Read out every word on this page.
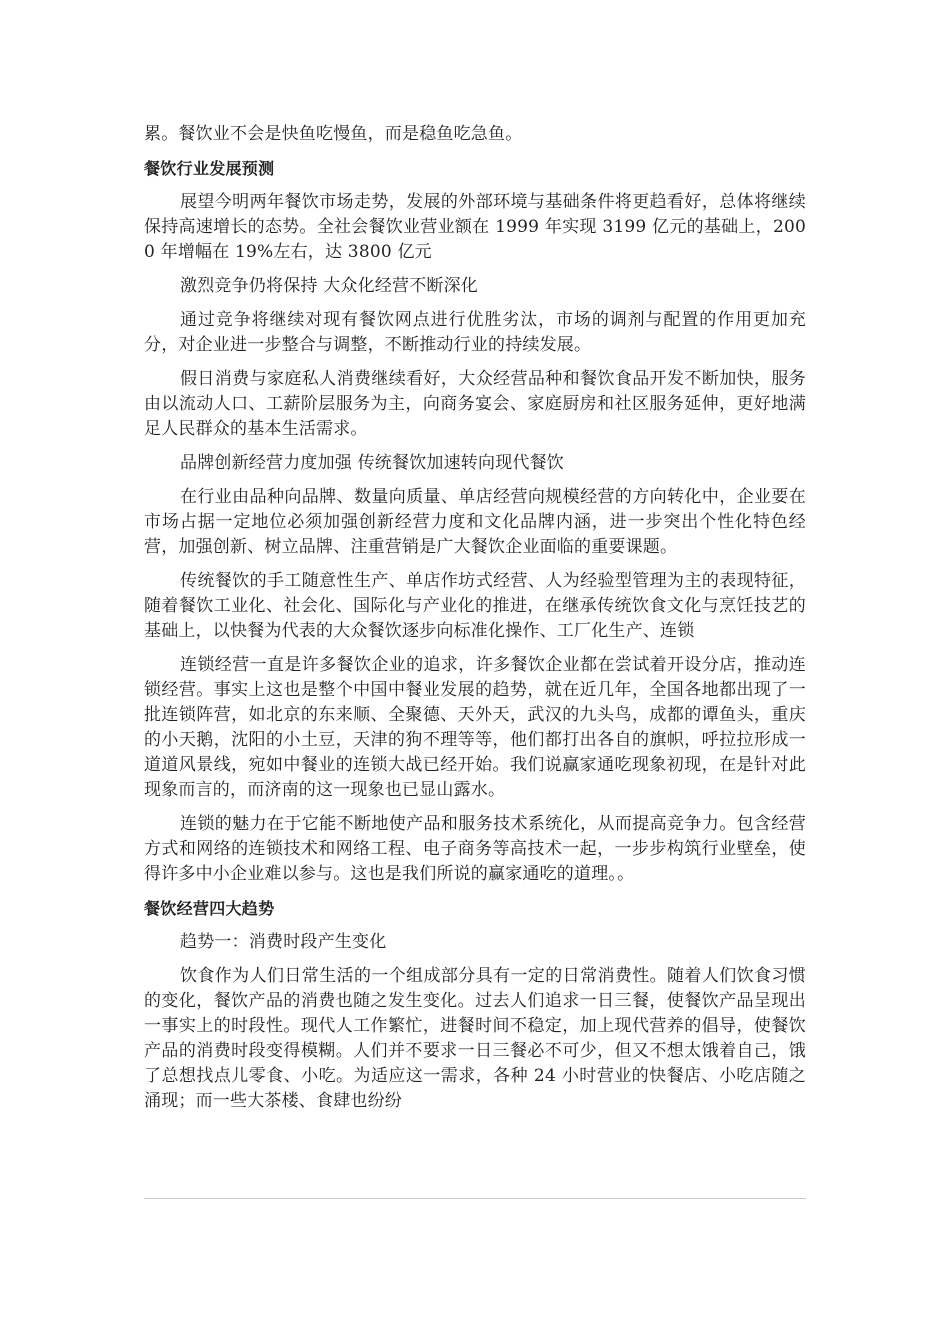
累。餐饮业不会是快鱼吃慢鱼，而是稳鱼吃急鱼。

餐饮行业发展预测

展望今明两年餐饮市场走势，发展的外部环境与基础条件将更趋看好，总体将继续保持高速增长的态势。全社会餐饮业营业额在 1999 年实现 3199 亿元的基础上，2000 年增幅在 19%左右，达 3800 亿元

激烈竞争仍将保持 大众化经营不断深化

通过竞争将继续对现有餐饮网点进行优胜劣汰，市场的调剂与配置的作用更加充分，对企业进一步整合与调整，不断推动行业的持续发展。

假日消费与家庭私人消费继续看好，大众经营品种和餐饮食品开发不断加快，服务由以流动人口、工薪阶层服务为主，向商务宴会、家庭厨房和社区服务延伸，更好地满足人民群众的基本生活需求。

品牌创新经营力度加强 传统餐饮加速转向现代餐饮

在行业由品种向品牌、数量向质量、单店经营向规模经营的方向转化中，企业要在市场占据一定地位必须加强创新经营力度和文化品牌内涵，进一步突出个性化特色经营，加强创新、树立品牌、注重营销是广大餐饮企业面临的重要课题。

传统餐饮的手工随意性生产、单店作坊式经营、人为经验型管理为主的表现特征，随着餐饮工业化、社会化、国际化与产业化的推进，在继承传统饮食文化与烹饪技艺的基础上，以快餐为代表的大众餐饮逐步向标准化操作、工厂化生产、连锁

连锁经营一直是许多餐饮企业的追求，许多餐饮企业都在尝试着开设分店，推动连锁经营。事实上这也是整个中国中餐业发展的趋势，就在近几年，全国各地都出现了一批连锁阵营，如北京的东来顺、全聚德、天外天，武汉的九头鸟，成都的谭鱼头，重庆的小天鹅，沈阳的小土豆，天津的狗不理等等，他们都打出各自的旗帜，呼拉拉形成一道道风景线，宛如中餐业的连锁大战已经开始。我们说赢家通吃现象初现，在是针对此现象而言的，而济南的这一现象也已显山露水。

连锁的魅力在于它能不断地使产品和服务技术系统化，从而提高竞争力。包含经营方式和网络的连锁技术和网络工程、电子商务等高技术一起，一步步构筑行业壁垒，使得许多中小企业难以参与。这也是我们所说的赢家通吃的道理。。

餐饮经营四大趋势

趋势一：消费时段产生变化

饮食作为人们日常生活的一个组成部分具有一定的日常消费性。随着人们饮食习惯的变化，餐饮产品的消费也随之发生变化。过去人们追求一日三餐，使餐饮产品呈现出一事实上的时段性。现代人工作繁忙，进餐时间不稳定，加上现代营养的倡导，使餐饮产品的消费时段变得模糊。人们并不要求一日三餐必不可少，但又不想太饿着自己，饿了总想找点儿零食、小吃。为适应这一需求，各种 24 小时营业的快餐店、小吃店随之涌现；而一些大茶楼、食肆也纷纷
